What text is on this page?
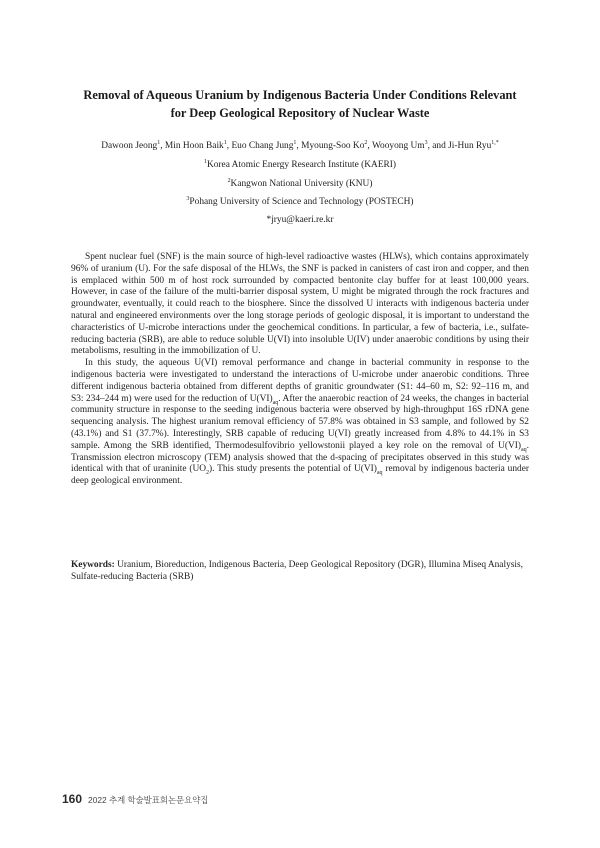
Removal of Aqueous Uranium by Indigenous Bacteria Under Conditions Relevant
for Deep Geological Repository of Nuclear Waste
Dawoon Jeong$^1$, Min Hoon Baik$^1$, Euo Chang Jung$^1$, Myoung-Soo Ko$^2$, Wooyong Um$^3$, and Ji-Hun Ryu$^{1,*}$
$^1$Korea Atomic Energy Research Institute (KAERI)
$^2$Kangwon National University (KNU)
$^3$Pohang University of Science and Technology (POSTECH)
*jryu@kaeri.re.kr

Spent nuclear fuel (SNF) is the main source of high-level radioactive wastes (HLWs), which contains approximately 96% of uranium (U). For the safe disposal of the HLWs, the SNF is packed in canisters of cast iron and copper, and then is emplaced within 500 m of host rock surrounded by compacted bentonite clay buffer for at least 100,000 years. However, in case of the failure of the multi-barrier disposal system, U might be migrated through the rock fractures and groundwater, eventually, it could reach to the biosphere. Since the dissolved U interacts with indigenous bacteria under natural and engineered environments over the long storage periods of geologic disposal, it is important to understand the characteristics of U-microbe interactions under the geochemical conditions. In particular, a few of bacteria, i.e., sulfate-reducing bacteria (SRB), are able to reduce soluble U(VI) into insoluble U(IV) under anaerobic conditions by using their metabolisms, resulting in the immobilization of U.

In this study, the aqueous U(VI) removal performance and change in bacterial community in response to the indigenous bacteria were investigated to understand the interactions of U-microbe under anaerobic conditions. Three different indigenous bacteria obtained from different depths of granitic groundwater (S1: 44–60 m, S2: 92–116 m, and S3: 234–244 m) were used for the reduction of $U(VI)_{aq}$. After the anaerobic reaction of 24 weeks, the changes in bacterial community structure in response to the seeding indigenous bacteria were observed by high-throughput 16S rDNA gene sequencing analysis. The highest uranium removal efficiency of 57.8% was obtained in S3 sample, and followed by S2 (43.1%) and S1 (37.7%). Interestingly, SRB capable of reducing U(VI) greatly increased from 4.8% to 44.1% in S3 sample. Among the SRB identified, Thermodesulfovibrio yellowstonii played a key role on the removal of $U(VI)_{aq}$. Transmission electron microscopy (TEM) analysis showed that the d-spacing of precipitates observed in this study was identical with that of uraninite $(UO_2)$. This study presents the potential of $U(VI)_{aq}$ removal by indigenous bacteria under deep geological environment.

Keywords: Uranium, Bioreduction, Indigenous Bacteria, Deep Geological Repository (DGR), Illumina Miseq Analysis, Sulfate-reducing Bacteria (SRB)
160 2022 추계 학술발표회논문요약집
